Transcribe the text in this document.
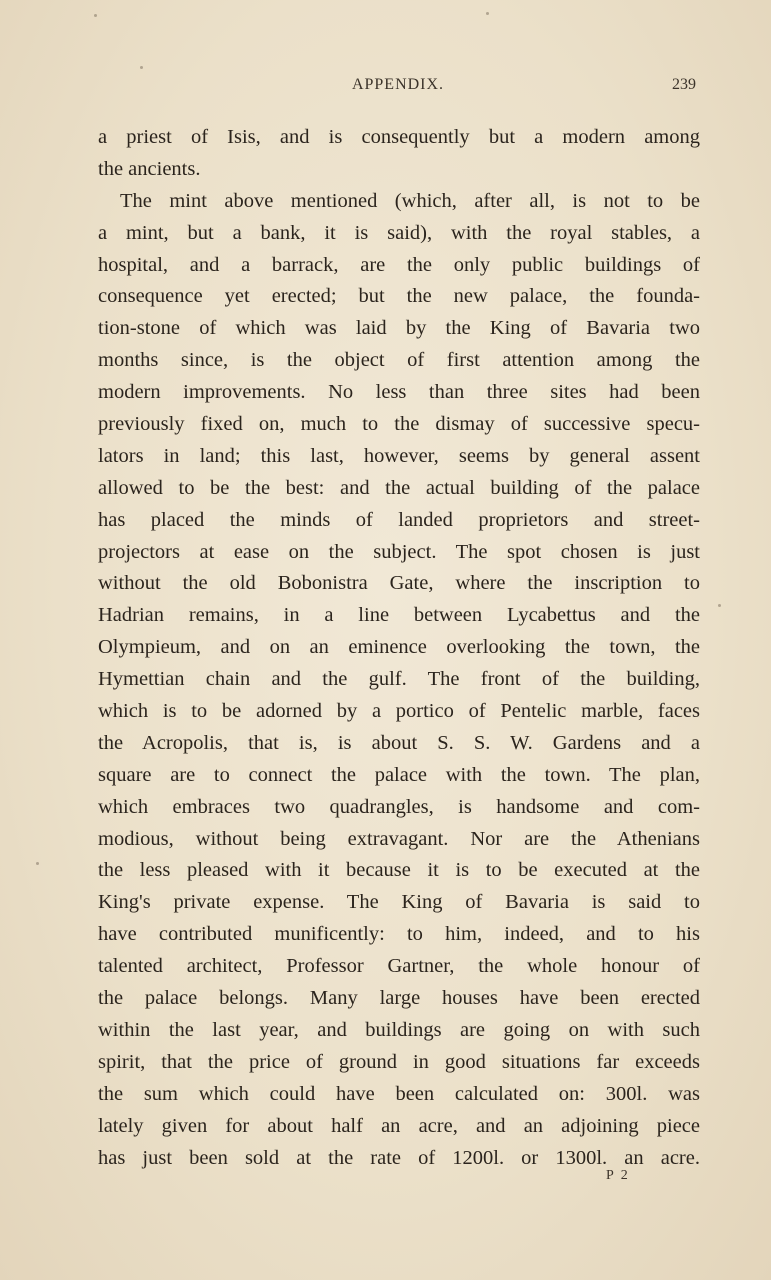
APPENDIX.	239
a priest of Isis, and is consequently but a modern among
the ancients.
The mint above mentioned (which, after all, is not to be
a mint, but a bank, it is said), with the royal stables, a
hospital, and a barrack, are the only public buildings of
consequence yet erected; but the new palace, the founda-
tion-stone of which was laid by the King of Bavaria two
months since, is the object of first attention among the
modern improvements. No less than three sites had been
previously fixed on, much to the dismay of successive specu-
lators in land; this last, however, seems by general assent
allowed to be the best: and the actual building of the palace
has placed the minds of landed proprietors and street-
projectors at ease on the subject. The spot chosen is just
without the old Bobonistra Gate, where the inscription to
Hadrian remains, in a line between Lycabettus and the
Olympieum, and on an eminence overlooking the town, the
Hymettian chain and the gulf. The front of the building,
which is to be adorned by a portico of Pentelic marble, faces
the Acropolis, that is, is about S. S. W. Gardens and a
square are to connect the palace with the town. The plan,
which embraces two quadrangles, is handsome and com-
modious, without being extravagant. Nor are the Athenians
the less pleased with it because it is to be executed at the
King's private expense. The King of Bavaria is said to
have contributed munificently: to him, indeed, and to his
talented architect, Professor Gartner, the whole honour of
the palace belongs. Many large houses have been erected
within the last year, and buildings are going on with such
spirit, that the price of ground in good situations far exceeds
the sum which could have been calculated on: 300l. was
lately given for about half an acre, and an adjoining piece
has just been sold at the rate of 1200l. or 1300l. an acre.
P 2
